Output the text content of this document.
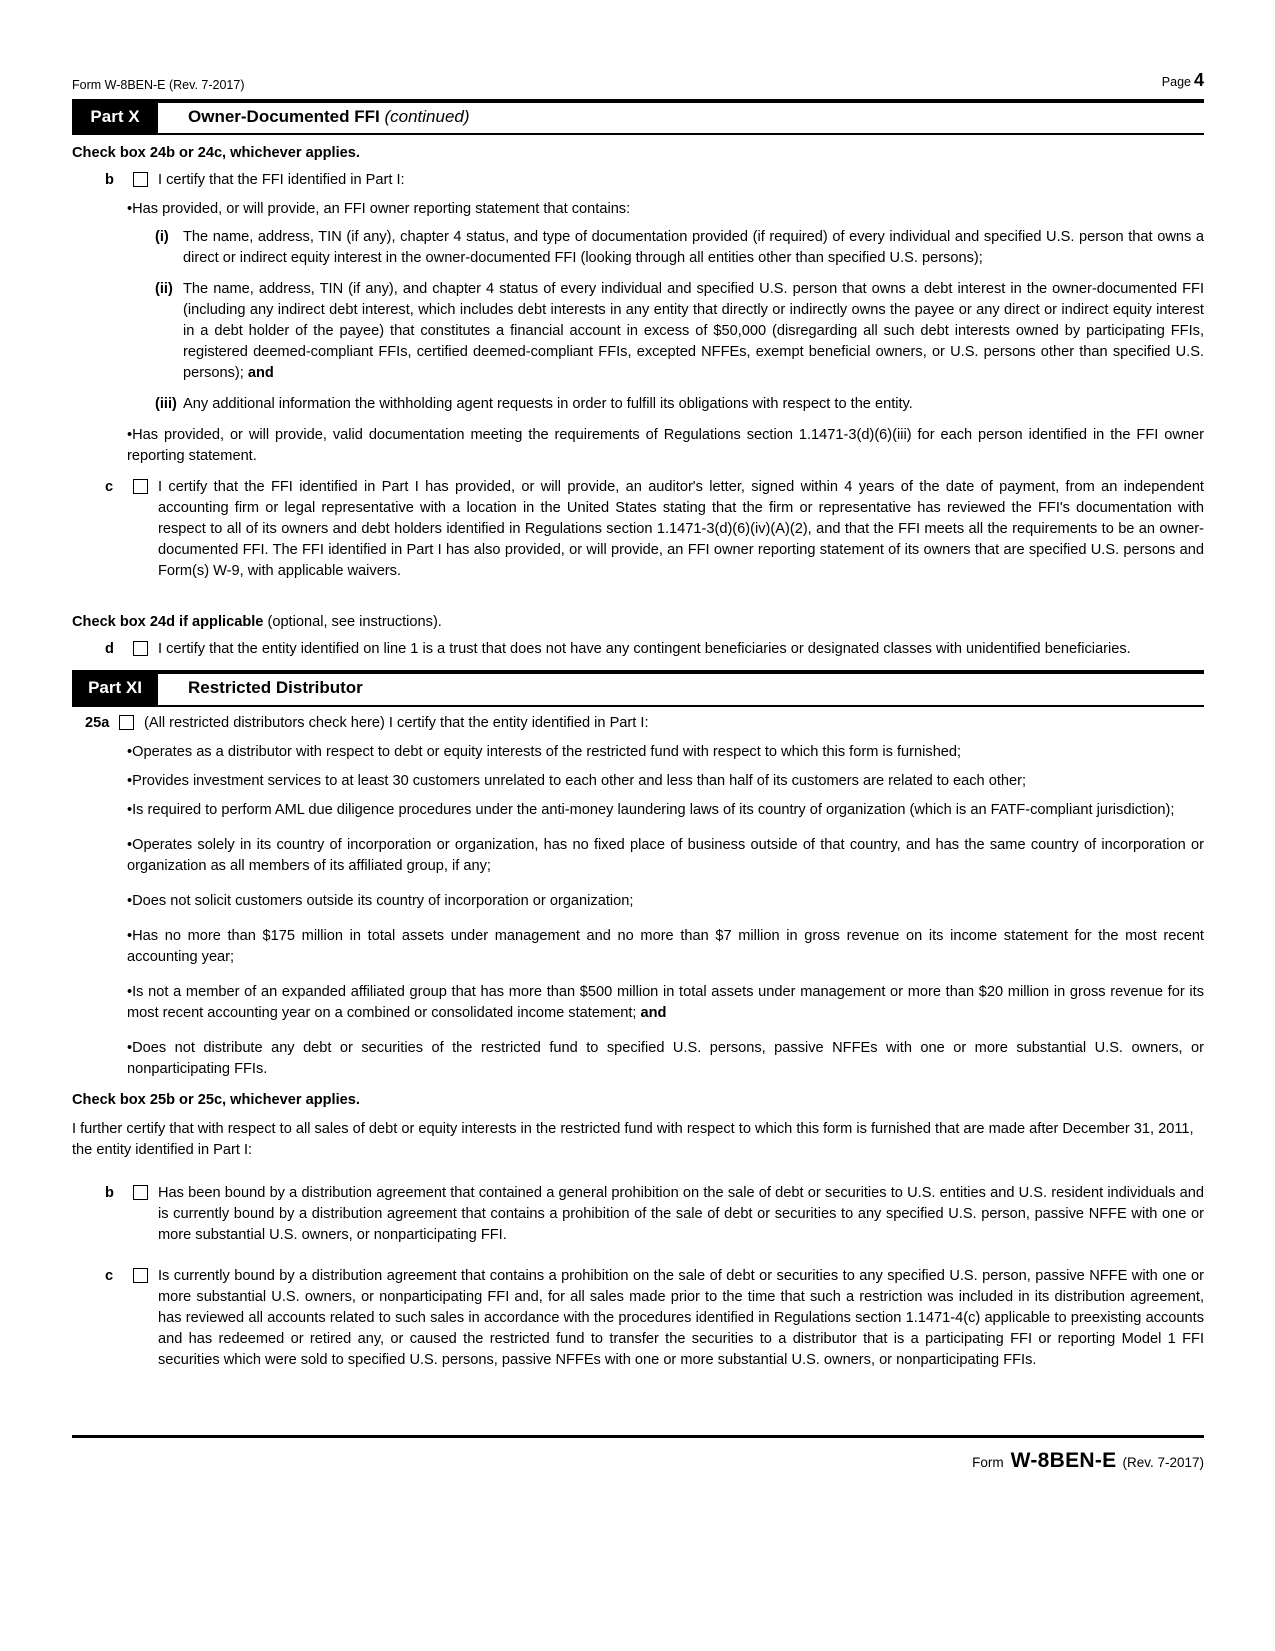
Form W-8BEN-E (Rev. 7-2017)	Page 4
Part X	Owner-Documented FFI (continued)

Check box 24b or 24c, whichever applies.

b	I certify that the FFI identified in Part I:

• Has provided, or will provide, an FFI owner reporting statement that contains:

(i) The name, address, TIN (if any), chapter 4 status, and type of documentation provided (if required) of every individual and specified U.S. person that owns a direct or indirect equity interest in the owner-documented FFI (looking through all entities other than specified U.S. persons);
(ii) The name, address, TIN (if any), and chapter 4 status of every individual and specified U.S. person that owns a debt interest in the owner-documented FFI (including any indirect debt interest, which includes debt interests in any entity that directly or indirectly owns the payee or any direct or indirect equity interest in a debt holder of the payee) that constitutes a financial account in excess of $50,000 (disregarding all such debt interests owned by participating FFIs, registered deemed-compliant FFIs, certified deemed-compliant FFIs, excepted NFFEs, exempt beneficial owners, or U.S. persons other than specified U.S. persons); and
(iii) Any additional information the withholding agent requests in order to fulfill its obligations with respect to the entity.

• Has provided, or will provide, valid documentation meeting the requirements of Regulations section 1.1471-3(d)(6)(iii) for each person identified in the FFI owner reporting statement.

c	I certify that the FFI identified in Part I has provided, or will provide, an auditor's letter, signed within 4 years of the date of payment, from an independent accounting firm or legal representative with a location in the United States stating that the firm or representative has reviewed the FFI's documentation with respect to all of its owners and debt holders identified in Regulations section 1.1471-3(d)(6)(iv)(A)(2), and that the FFI meets all the requirements to be an owner-documented FFI. The FFI identified in Part I has also provided, or will provide, an FFI owner reporting statement of its owners that are specified U.S. persons and Form(s) W-9, with applicable waivers.

Check box 24d if applicable (optional, see instructions).

d	I certify that the entity identified on line 1 is a trust that does not have any contingent beneficiaries or designated classes with unidentified beneficiaries.
Part XI	Restricted Distributor
25a	(All restricted distributors check here) I certify that the entity identified in Part I:

• Operates as a distributor with respect to debt or equity interests of the restricted fund with respect to which this form is furnished;

• Provides investment services to at least 30 customers unrelated to each other and less than half of its customers are related to each other;

• Is required to perform AML due diligence procedures under the anti-money laundering laws of its country of organization (which is an FATF-compliant jurisdiction);

• Operates solely in its country of incorporation or organization, has no fixed place of business outside of that country, and has the same country of incorporation or organization as all members of its affiliated group, if any;

• Does not solicit customers outside its country of incorporation or organization;

• Has no more than $175 million in total assets under management and no more than $7 million in gross revenue on its income statement for the most recent accounting year;

• Is not a member of an expanded affiliated group that has more than $500 million in total assets under management or more than $20 million in gross revenue for its most recent accounting year on a combined or consolidated income statement; and

• Does not distribute any debt or securities of the restricted fund to specified U.S. persons, passive NFFEs with one or more substantial U.S. owners, or nonparticipating FFIs.

Check box 25b or 25c, whichever applies.

I further certify that with respect to all sales of debt or equity interests in the restricted fund with respect to which this form is furnished that are made after December 31, 2011, the entity identified in Part I:

b	Has been bound by a distribution agreement that contained a general prohibition on the sale of debt or securities to U.S. entities and U.S. resident individuals and is currently bound by a distribution agreement that contains a prohibition of the sale of debt or securities to any specified U.S. person, passive NFFE with one or more substantial U.S. owners, or nonparticipating FFI.
c	Is currently bound by a distribution agreement that contains a prohibition on the sale of debt or securities to any specified U.S. person, passive NFFE with one or more substantial U.S. owners, or nonparticipating FFI and, for all sales made prior to the time that such a restriction was included in its distribution agreement, has reviewed all accounts related to such sales in accordance with the procedures identified in Regulations section 1.1471-4(c) applicable to preexisting accounts and has redeemed or retired any, or caused the restricted fund to transfer the securities to a distributor that is a participating FFI or reporting Model 1 FFI securities which were sold to specified U.S. persons, passive NFFEs with one or more substantial U.S. owners, or nonparticipating FFIs.
Form W-8BEN-E (Rev. 7-2017)
